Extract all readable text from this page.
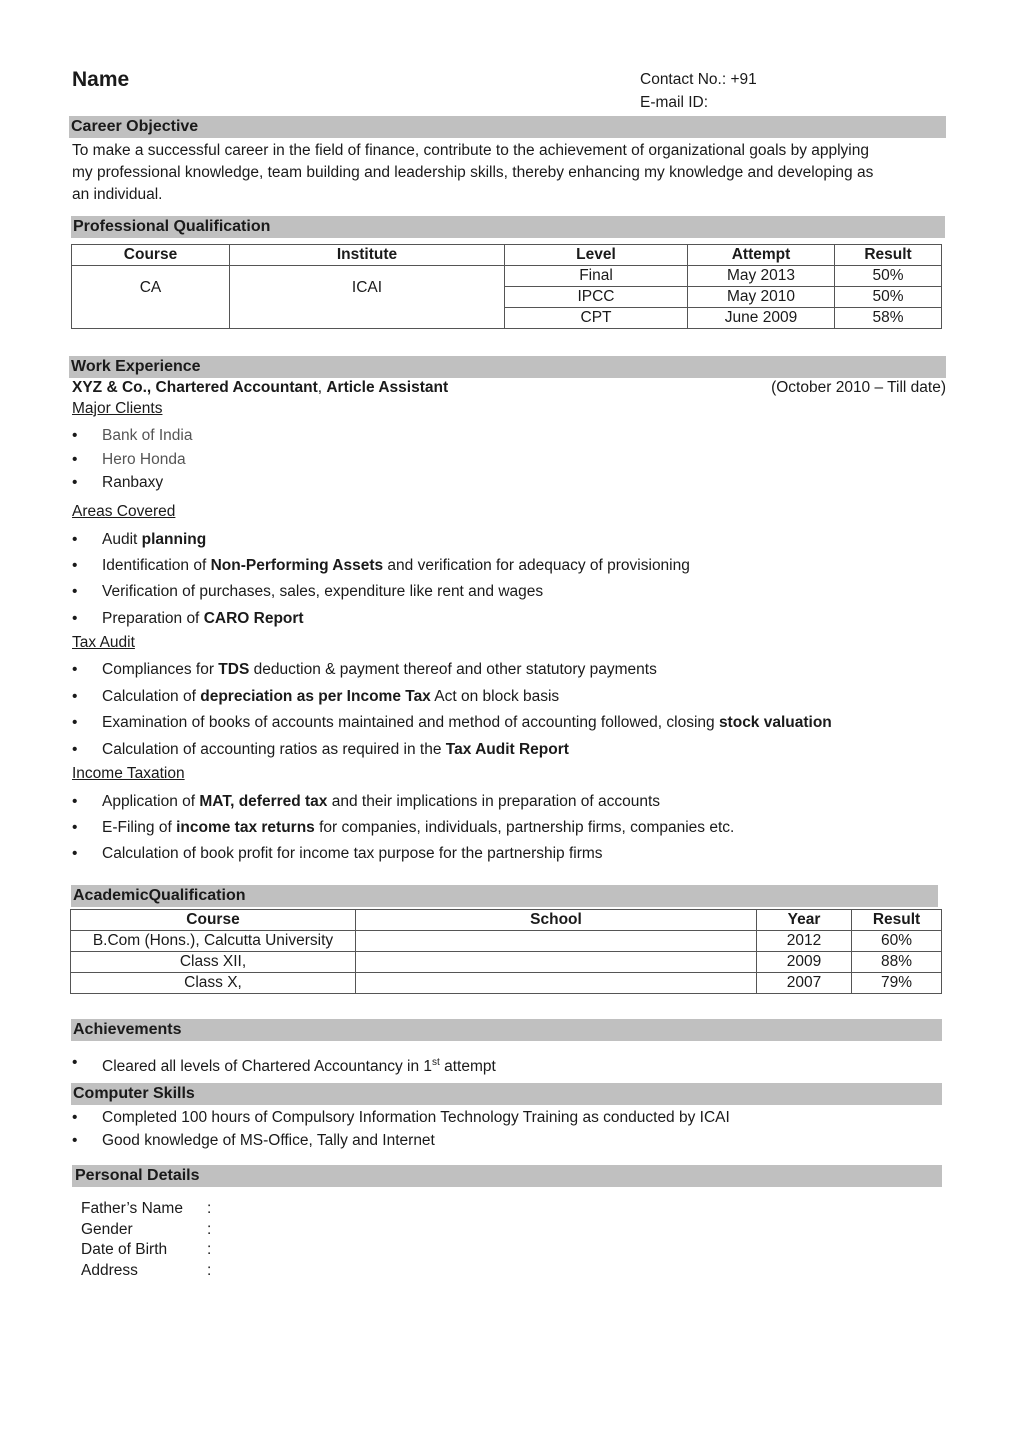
Name	Contact No.: +91
E-mail ID:
Career Objective
To make a successful career in the field of finance, contribute to the achievement of organizational goals by applying
my professional knowledge, team building and leadership skills, thereby enhancing my knowledge and developing as
an individual.
Professional Qualification
Course	Institute	Level	Attempt	Result
CA	ICAI	Final	May 2013	50%
		IPCC	May 2010	50%
		CPT	June 2009	58%
Work Experience
XYZ & Co., Chartered Accountant, Article Assistant	(October 2010 – Till date)
Major Clients
• Bank of India
• Hero Honda
• Ranbaxy
Areas Covered
• Audit planning
• Identification of Non-Performing Assets and verification for adequacy of provisioning
• Verification of purchases, sales, expenditure like rent and wages
• Preparation of CARO Report
Tax Audit
• Compliances for TDS deduction & payment thereof and other statutory payments
• Calculation of depreciation as per Income Tax Act on block basis
• Examination of books of accounts maintained and method of accounting followed, closing stock valuation
• Calculation of accounting ratios as required in the Tax Audit Report
Income Taxation
• Application of MAT, deferred tax and their implications in preparation of accounts
• E-Filing of income tax returns for companies, individuals, partnership firms, companies etc.
• Calculation of book profit for income tax purpose for the partnership firms
AcademicQualification
Course	School	Year	Result
B.Com (Hons.), Calcutta University		2012	60%
Class XII,		2009	88%
Class X,		2007	79%
Achievements
• Cleared all levels of Chartered Accountancy in 1st attempt
Computer Skills
• Completed 100 hours of Compulsory Information Technology Training as conducted by ICAI
• Good knowledge of MS-Office, Tally and Internet
Personal Details
Father’s Name :
Gender	:
Date of Birth	:
Address	:
